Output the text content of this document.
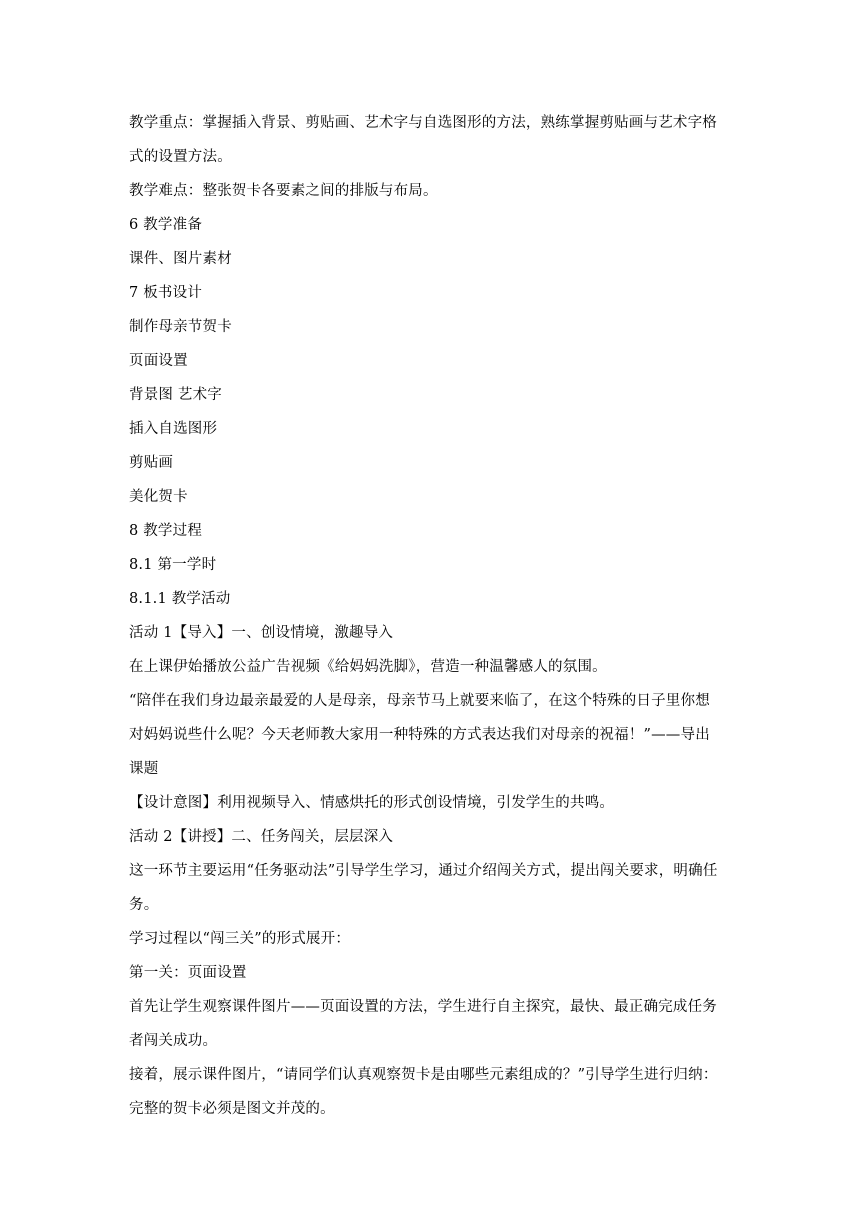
教学重点：掌握插入背景、剪贴画、艺术字与自选图形的方法，熟练掌握剪贴画与艺术字格
式的设置方法。
教学难点：整张贺卡各要素之间的排版与布局。
6 教学准备
课件、图片素材
7 板书设计
制作母亲节贺卡
页面设置
背景图 艺术字
插入自选图形
剪贴画
美化贺卡
8 教学过程
8.1 第一学时
8.1.1 教学活动
活动 1【导入】一、创设情境，激趣导入
在上课伊始播放公益广告视频《给妈妈洗脚》，营造一种温馨感人的氛围。
“陪伴在我们身边最亲最爱的人是母亲，母亲节马上就要来临了，在这个特殊的日子里你想
对妈妈说些什么呢？今天老师教大家用一种特殊的方式表达我们对母亲的祝福！”——导出
课题
【设计意图】利用视频导入、情感烘托的形式创设情境，引发学生的共鸣。
活动 2【讲授】二、任务闯关，层层深入
这一环节主要运用“任务驱动法”引导学生学习，通过介绍闯关方式，提出闯关要求，明确任
务。
学习过程以“闯三关”的形式展开：
第一关：页面设置
首先让学生观察课件图片——页面设置的方法，学生进行自主探究，最快、最正确完成任务
者闯关成功。
接着，展示课件图片，“请同学们认真观察贺卡是由哪些元素组成的？”引导学生进行归纳：
完整的贺卡必须是图文并茂的。
